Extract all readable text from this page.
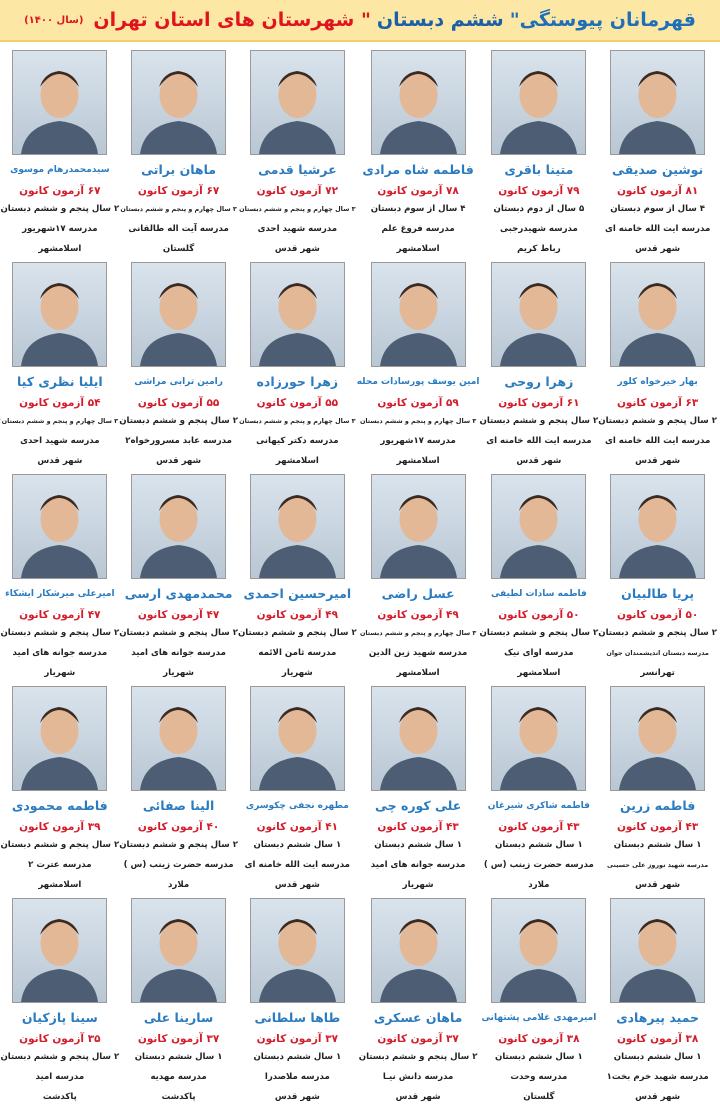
قهرمانان پیوستگی"
ششم دبستان
" شهرستان های استان تهران
(سال ۱۴۰۰)
نوشین صدیقی
۸۱ آزمون کانون
۴ سال از سوم دبستان
مدرسه ایت الله خامنه ای
شهر قدس
متینا باقری
۷۹ آزمون کانون
۵ سال از دوم دبستان
مدرسه شهیدرجبی
رباط کریم
فاطمه شاه مرادی
۷۸ آزمون کانون
۴ سال از سوم دبستان
مدرسه فروغ علم
اسلامشهر
عرشیا قدمی
۷۲ آزمون کانون
۳ سال چهارم و پنجم و ششم دبستان
مدرسه شهید احدی
شهر قدس
ماهان براتی
۶۷ آزمون کانون
۳ سال چهارم و پنجم و ششم دبستان
مدرسه آیت اله طالقانی
گلستان
سیدمحمدرهام موسوی
۶۷ آزمون کانون
۲ سال پنجم و ششم دبستان
مدرسه ۱۷شهریور
اسلامشهر
بهار خیرخواه کلور
۶۳ آزمون کانون
۲ سال پنجم و ششم دبستان
مدرسه ایت الله خامنه ای
شهر قدس
زهرا روحی
۶۱ آزمون کانون
۲ سال پنجم و ششم دبستان
مدرسه ایت الله خامنه ای
شهر قدس
امین یوسف پورسادات محله
۵۹ آزمون کانون
۳ سال چهارم و پنجم و ششم دبستان
مدرسه ۱۷شهریور
اسلامشهر
زهرا حورزاده
۵۵ آزمون کانون
۳ سال چهارم و پنجم و ششم دبستان
مدرسه دکتر کیهانی
اسلامشهر
رامین ترابی مراشی
۵۵ آزمون کانون
۲ سال پنجم و ششم دبستان
مدرسه عابد مسرورخواه۲
شهر قدس
ایلیا نظری کیا
۵۴ آزمون کانون
۳ سال چهارم و پنجم و ششم دبستان
مدرسه شهید احدی
شهر قدس
پریا طالبیان
۵۰ آزمون کانون
۲ سال پنجم و ششم دبستان
مدرسه دبستان اندیشمندان جوان
تهرانسر
فاطمه سادات لطیفی
۵۰ آزمون کانون
۲ سال پنجم و ششم دبستان
مدرسه اوای نیک
اسلامشهر
عسل راضی
۴۹ آزمون کانون
۳ سال چهارم و پنجم و ششم دبستان
مدرسه شهید زین الدین
اسلامشهر
امیرحسین احمدی
۴۹ آزمون کانون
۲ سال پنجم و ششم دبستان
مدرسه ثامن الائمه
شهریار
محمدمهدی ارسی
۴۷ آزمون کانون
۲ سال پنجم و ششم دبستان
مدرسه جوانه های امید
شهریار
امیرعلی میرشکار ایشکاء
۴۷ آزمون کانون
۲ سال پنجم و ششم دبستان
مدرسه جوانه های امید
شهریار
فاطمه زرین
۴۳ آزمون کانون
۱ سال ششم دبستان
مدرسه شهید نوروز علی حسینی
شهر قدس
فاطمه شاکری شیرغان
۴۳ آزمون کانون
۱ سال ششم دبستان
مدرسه حضرت زینب (س )
ملارد
علی کوره چی
۴۳ آزمون کانون
۱ سال ششم دبستان
مدرسه جوانه های امید
شهریار
مطهره نجفی چکوسری
۴۱ آزمون کانون
۱ سال ششم دبستان
مدرسه ایت الله خامنه ای
شهر قدس
الینا صفائی
۴۰ آزمون کانون
۲ سال پنجم و ششم دبستان
مدرسه حضرت زینب (س )
ملارد
فاطمه محمودی
۳۹ آزمون کانون
۲ سال پنجم و ششم دبستان
مدرسه عترت ۲
اسلامشهر
حمید پیرهادی
۳۸ آزمون کانون
۱ سال ششم دبستان
مدرسه شهید خرم بخت۱
شهر قدس
امیرمهدی غلامی پشتهانی
۳۸ آزمون کانون
۱ سال ششم دبستان
مدرسه وحدت
گلستان
ماهان عسکری
۳۷ آزمون کانون
۲ سال پنجم و ششم دبستان
مدرسه دانش نیـا
شهر قدس
طاها سلطانی
۳۷ آزمون کانون
۱ سال ششم دبستان
مدرسه ملاصدرا
شهر قدس
سارینا علی
۳۷ آزمون کانون
۱ سال ششم دبستان
مدرسه مهدیه
پاکدشت
سینا پازکیان
۳۵ آزمون کانون
۲ سال پنجم و ششم دبستان
مدرسه امید
پاکدشت
